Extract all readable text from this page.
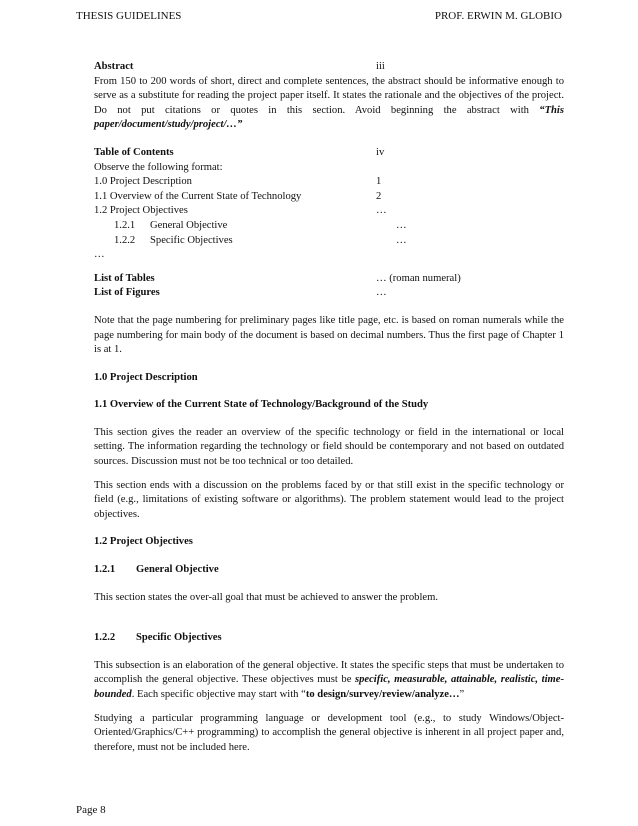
THESIS GUIDELINES	PROF. ERWIN M. GLOBIO
Abstract	iii

From 150 to 200 words of short, direct and complete sentences, the abstract should be informative enough to serve as a substitute for reading the project paper itself. It states the rationale and the objectives of the project. Do not put citations or quotes in this section. Avoid beginning the abstract with “This paper/document/study/project/…”

Table of Contents	iv

Observe the following format:

1.0 Project Description	1
1.1 Overview of the Current State of Technology	2
1.2 Project Objectives	…
1.2.1 General Objective	…
1.2.2 Specific Objectives	…

…

List of Tables	… (roman numeral)
List of Figures	…

Note that the page numbering for preliminary pages like title page, etc. is based on roman numerals while the page numbering for main body of the document is based on decimal numbers. Thus the first page of Chapter 1 is at 1.

1.0 Project Description

1.1 Overview of the Current State of Technology/Background of the Study

This section gives the reader an overview of the specific technology or field in the international or local setting. The information regarding the technology or field should be contemporary and not based on outdated sources. Discussion must not be too technical or too detailed.

This section ends with a discussion on the problems faced by or that still exist in the specific technology or field (e.g., limitations of existing software or algorithms). The problem statement would lead to the project objectives.

1.2 Project Objectives

1.2.1 General Objective

This section states the over-all goal that must be achieved to answer the problem.

1.2.2 Specific Objectives

This subsection is an elaboration of the general objective. It states the specific steps that must be undertaken to accomplish the general objective. These objectives must be specific, measurable, attainable, realistic, time-bounded. Each specific objective may start with “to design/survey/review/analyze…”

Studying a particular programming language or development tool (e.g., to study Windows/Object-Oriented/Graphics/C++ programming) to accomplish the general objective is inherent in all project paper and, therefore, must not be included here.

Page 8
